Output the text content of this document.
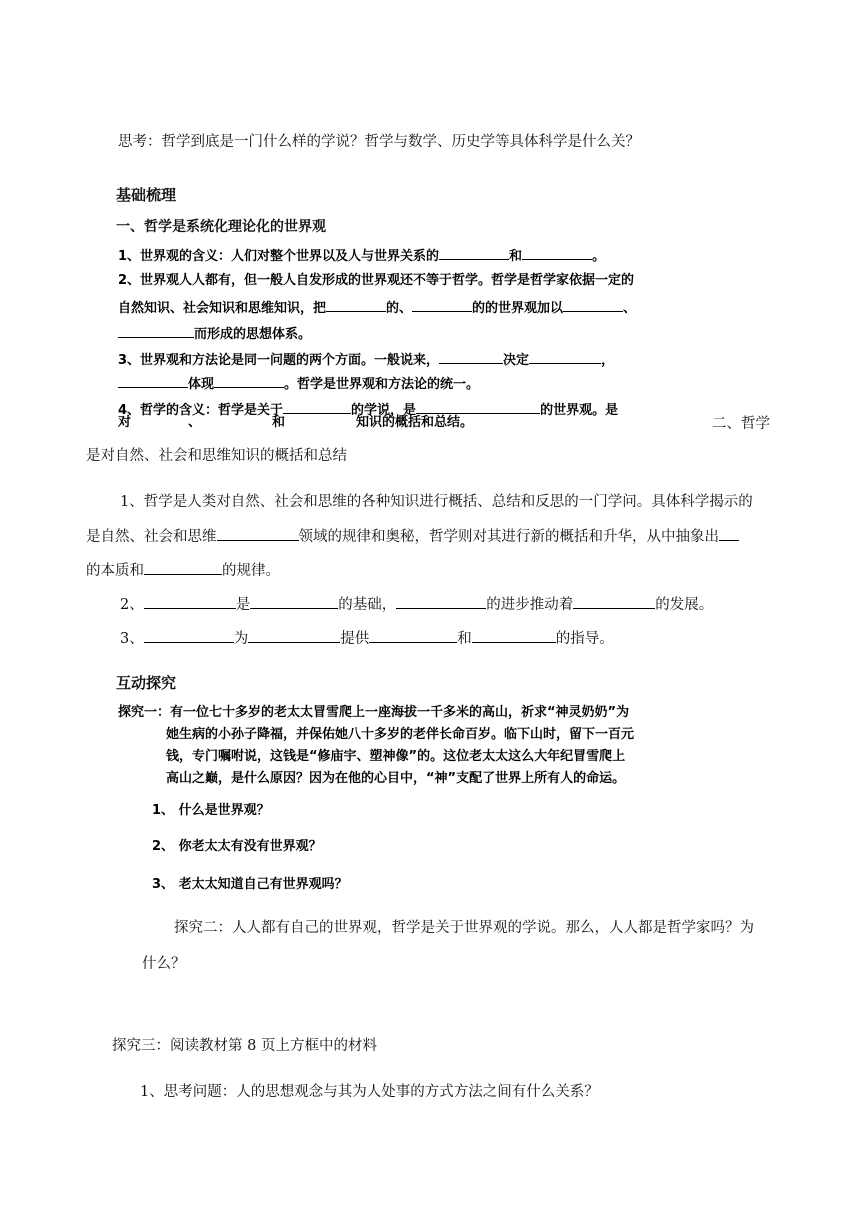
思考：哲学到底是一门什么样的学说？哲学与数学、历史学等具体科学是什么关？
基础梳理
一、哲学是系统化理论化的世界观
1、世界观的含义：人们对整个世界以及人与世界关系的	和	。
2、世界观人人都有，但一般人自发形成的世界观还不等于哲学。哲学是哲学家依据一定的
自然知识、社会知识和思维知识，把	的、	的的世界观加以	、
而形成的思想体系。
3、世界观和方法论是同一问题的两个方面。一般说来，	决定	，
体现	。哲学是世界观和方法论的统一。
4、哲学的含义：哲学是关于	的学说，是	的世界观。是
对	、	和	知识的概括和总结。	二、哲学
是对自然、社会和思维知识的概括和总结
1、哲学是人类对自然、社会和思维的各种知识进行概括、总结和反思的一门学问。具体科学揭示的
是自然、社会和思维	领域的规律和奥秘，哲学则对其进行新的概括和升华，从中抽象出
的本质和	的规律。
2、	是	的基础，	的进步推动着	的发展。
3、	为	提供	和	的指导。
互动探究
探究一：有一位七十多岁的老太太冒雪爬上一座海拔一千多米的高山，祈求“神灵奶奶”为
她生病的小孙子降福，并保佑她八十多岁的老伴长命百岁。临下山时，留下一百元
钱，专门嘱咐说，这钱是“修庙宇、塑神像”的。这位老太太这么大年纪冒雪爬上
高山之巅，是什么原因？因为在他的心目中，“神”支配了世界上所有人的命运。
1、 什么是世界观？
2、 你老太太有没有世界观？
3、 老太太知道自己有世界观吗？
探究二：人人都有自己的世界观，哲学是关于世界观的学说。那么，人人都是哲学家吗？为
什么？
探究三：阅读教材第 8 页上方框中的材料
1、思考问题：人的思想观念与其为人处事的方式方法之间有什么关系？
